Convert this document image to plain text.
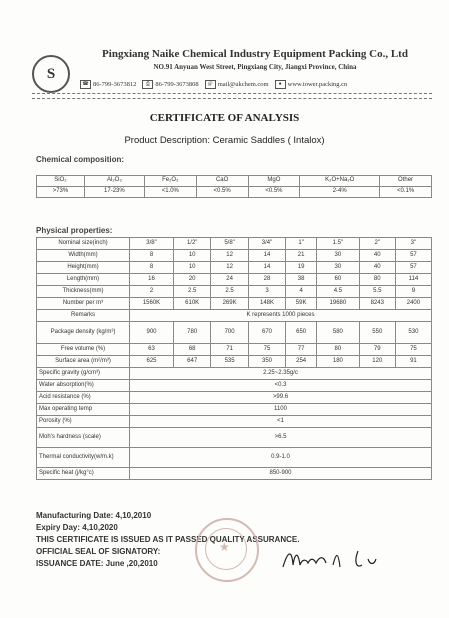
S
Pingxiang Naike Chemical Industry Equipment Packing Co., Ltd
NO.91 Anyuan West Street, Pingxiang City, Jiangxi Province, China
☎ 86-799-3673812	⎙ 86-799-3673808	@ mail@ukchem.com	● www.tower.packing.cn
CERTIFICATE OF ANALYSIS
Product Description: Ceramic Saddles ( Intalox)
Chemical composition:
SiO₂	Al₂O₃	Fe₂O₃	CaO	MgO	K₂O+Na₂O	Other
>73%	17-23%	<1.0%	<0.5%	<0.5%	2-4%	<0.1%
Physical properties:
Nominal size(inch)	3/8"	1/2"	5/8"	3/4"	1"	1.5"	2"	3"
Width(mm)	8	10	12	14	21	30	40	57
Height(mm)	8	10	12	14	19	30	40	57
Length(mm)	16	20	24	28	38	60	80	114
Thickness(mm)	2	2.5	2.5	3	4	4.5	5.5	9
Number per m³	1560K	610K	269K	148K	59K	19680	8243	2400
Remarks	K represents 1000 pieces							
Package density (kg/m³)	900	780	700	670	650	580	550	530
Free volume (%)	63	68	71	75	77	80	79	75
Surface area (m²/m³)	625	647	535	350	254	180	120	91
Specific gravity (g/cm³)	2.25~2.35g/c							
Water absorption(%)	<0.3							
Acid resistance (%)	>99.6							
Max operating temp	1100							
Porosity (%)	<1							
Moh's hardness (scale)	>6.5							
Thermal conductivity(w/m.k)	0.9-1.0							
Specific heat (j/kg°c)	850-900							
Manufacturing Date: 4,10,2010
Expiry Day: 4,10,2020
THIS CERTIFICATE IS ISSUED AS IT PASSED QUALITY ASSURANCE.
OFFICIAL SEAL OF SIGNATORY:
ISSUANCE DATE: June ,20,2010
★
